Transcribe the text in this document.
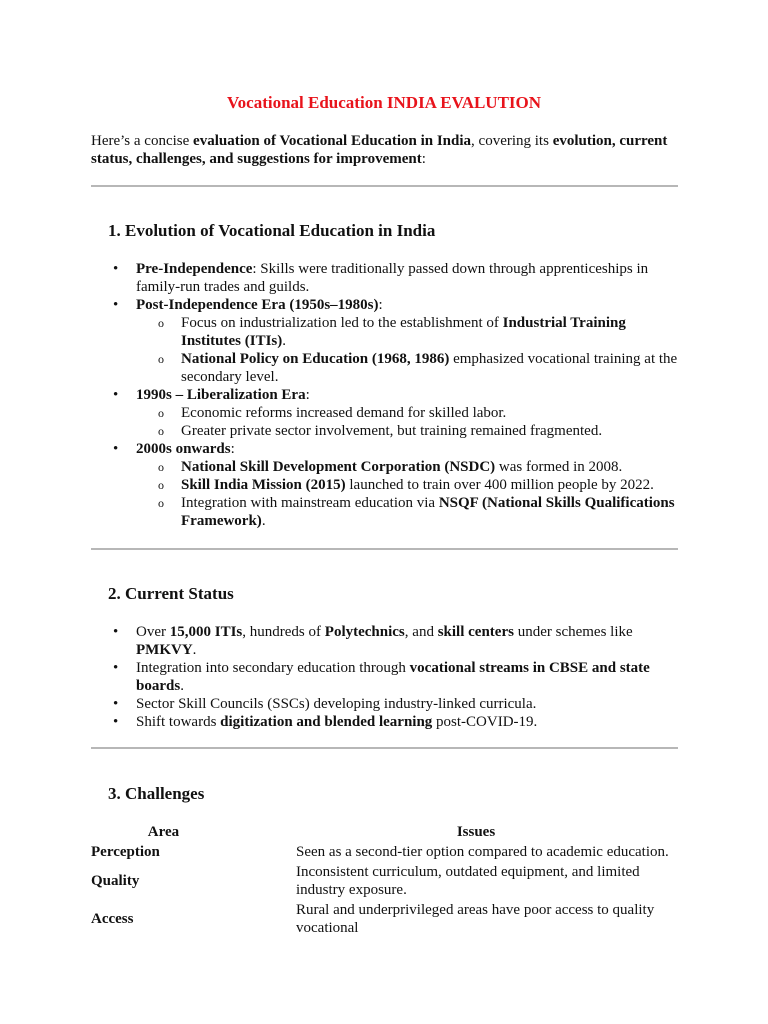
Vocational Education INDIA EVALUTION

Here’s a concise evaluation of Vocational Education in India, covering its evolution, current status, challenges, and suggestions for improvement:

1. Evolution of Vocational Education in India
• Pre-Independence: Skills were traditionally passed down through apprenticeships in family-run trades and guilds.
• Post-Independence Era (1950s–1980s):
o Focus on industrialization led to the establishment of Industrial Training Institutes (ITIs).
o National Policy on Education (1968, 1986) emphasized vocational training at the secondary level.
• 1990s – Liberalization Era:
o Economic reforms increased demand for skilled labor.
o Greater private sector involvement, but training remained fragmented.
• 2000s onwards:
o National Skill Development Corporation (NSDC) was formed in 2008.
o Skill India Mission (2015) launched to train over 400 million people by 2022.
o Integration with mainstream education via NSQF (National Skills Qualifications Framework).
2. Current Status
• Over 15,000 ITIs, hundreds of Polytechnics, and skill centers under schemes like PMKVY.
• Integration into secondary education through vocational streams in CBSE and state boards.
• Sector Skill Councils (SSCs) developing industry-linked curricula.
• Shift towards digitization and blended learning post-COVID-19.
3. Challenges
Area	Issues
Perception	Seen as a second-tier option compared to academic education.
Quality	Inconsistent curriculum, outdated equipment, and limited industry exposure.
Access	Rural and underprivileged areas have poor access to quality vocational
